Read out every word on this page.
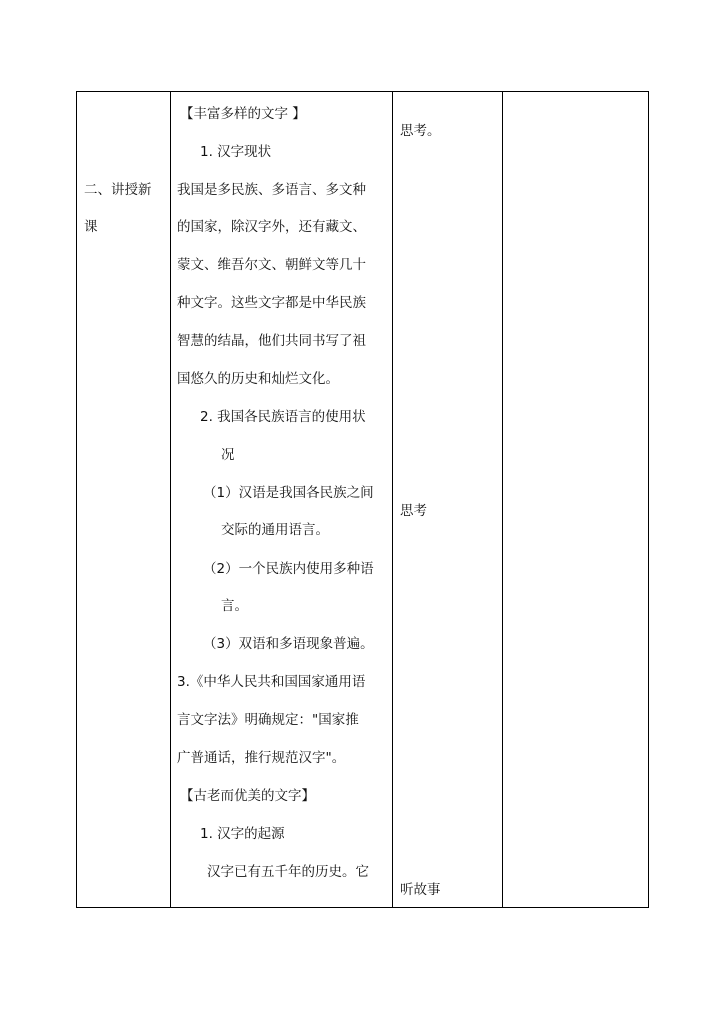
二、讲授新
课
【丰富多样的文字 】
1. 汉字现状
我国是多民族、多语言、多文种
的国家，除汉字外，还有藏文、
蒙文、维吾尔文、朝鲜文等几十
种文字。这些文字都是中华民族
智慧的结晶，他们共同书写了祖
国悠久的历史和灿烂文化。
2. 我国各民族语言的使用状
况
（1）汉语是我国各民族之间
交际的通用语言。
（2）一个民族内使用多种语
言。
（3）双语和多语现象普遍。
3.《中华人民共和国国家通用语
言文字法》明确规定："国家推
广普通话，推行规范汉字"。
【古老而优美的文字】
1. 汉字的起源
汉字已有五千年的历史。它
思考。
思考
听故事
